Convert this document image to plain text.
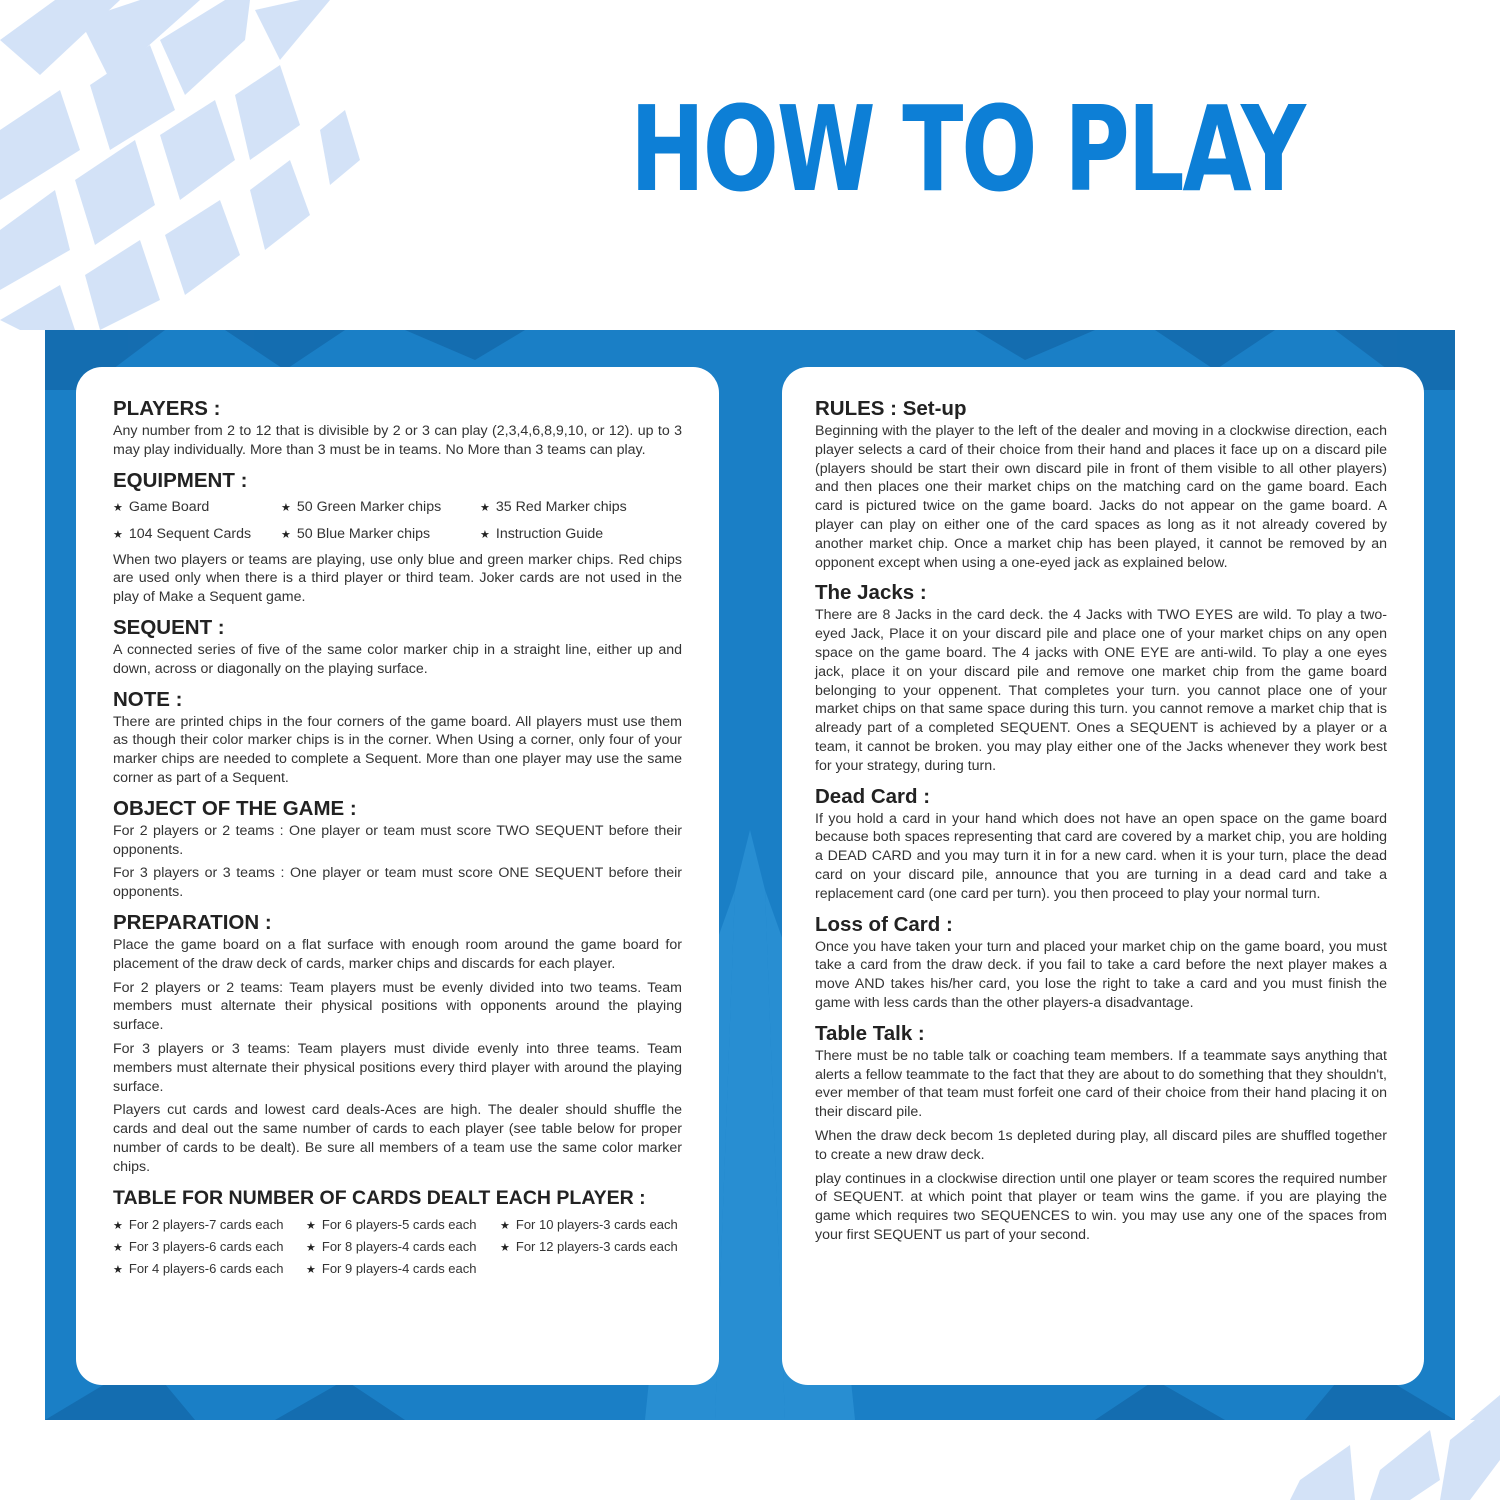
HOW TO PLAY
PLAYERS :

Any number from 2 to 12 that is divisible by 2 or 3 can play (2,3,4,6,8,9,10, or 12). up to 3 may play individually. More than 3 must be in teams. No More than 3 teams can play.

EQUIPMENT :
★ Game Board	★ 50 Green Marker chips	★ 35 Red Marker chips
★ 104 Sequent Cards	★ 50 Blue Marker chips	★ Instruction Guide

When two players or teams are playing, use only blue and green marker chips. Red chips are used only when there is a third player or third team. Joker cards are not used in the play of Make a Sequent game.

SEQUENT :

A connected series of five of the same color marker chip in a straight line, either up and down, across or diagonally on the playing surface.

NOTE :

There are printed chips in the four corners of the game board. All players must use them as though their color marker chips is in the corner. When Using a corner, only four of your marker chips are needed to complete a Sequent. More than one player may use the same corner as part of a Sequent.

OBJECT OF THE GAME :

For 2 players or 2 teams : One player or team must score TWO SEQUENT before their opponents.

For 3 players or 3 teams : One player or team must score ONE SEQUENT before their opponents.

PREPARATION :

Place the game board on a flat surface with enough room around the game board for placement of the draw deck of cards, marker chips and discards for each player.

For 2 players or 2 teams: Team players must be evenly divided into two teams. Team members must alternate their physical positions with opponents around the playing surface.

For 3 players or 3 teams: Team players must divide evenly into three teams. Team members must alternate their physical positions every third player with around the playing surface.

Players cut cards and lowest card deals-Aces are high. The dealer should shuffle the cards and deal out the same number of cards to each player (see table below for proper number of cards to be dealt). Be sure all members of a team use the same color marker chips.

TABLE FOR NUMBER OF CARDS DEALT EACH PLAYER :
★ For 2 players-7 cards each	★ For 6 players-5 cards each	★ For 10 players-3 cards each
★ For 3 players-6 cards each	★ For 8 players-4 cards each	★ For 12 players-3 cards each
★ For 4 players-6 cards each	★ For 9 players-4 cards each
RULES : Set-up

Beginning with the player to the left of the dealer and moving in a clockwise direction, each player selects a card of their choice from their hand and places it face up on a discard pile (players should be start their own discard pile in front of them visible to all other players) and then places one their market chips on the matching card on the game board. Each card is pictured twice on the game board. Jacks do not appear on the game board. A player can play on either one of the card spaces as long as it not already covered by another market chip. Once a market chip has been played, it cannot be removed by an opponent except when using a one-eyed jack as explained below.

The Jacks :

There are 8 Jacks in the card deck. the 4 Jacks with TWO EYES are wild. To play a two-eyed Jack, Place it on your discard pile and place one of your market chips on any open space on the game board. The 4 jacks with ONE EYE are anti-wild. To play a one eyes jack, place it on your discard pile and remove one market chip from the game board belonging to your oppenent. That completes your turn. you cannot place one of your market chips on that same space during this turn. you cannot remove a market chip that is already part of a completed SEQUENT. Ones a SEQUENT is achieved by a player or a team, it cannot be broken. you may play either one of the Jacks whenever they work best for your strategy, during turn.

Dead Card :

If you hold a card in your hand which does not have an open space on the game board because both spaces representing that card are covered by a market chip, you are holding a DEAD CARD and you may turn it in for a new card. when it is your turn, place the dead card on your discard pile, announce that you are turning in a dead card and take a replacement card (one card per turn). you then proceed to play your normal turn.

Loss of Card :

Once you have taken your turn and placed your market chip on the game board, you must take a card from the draw deck. if you fail to take a card before the next player makes a move AND takes his/her card, you lose the right to take a card and you must finish the game with less cards than the other players-a disadvantage.

Table Talk :

There must be no table talk or coaching team members. If a teammate says anything that alerts a fellow teammate to the fact that they are about to do something that they shouldn't, ever member of that team must forfeit one card of their choice from their hand placing it on their discard pile.

When the draw deck becom 1s depleted during play, all discard piles are shuffled together to create a new draw deck.

play continues in a clockwise direction until one player or team scores the required number of SEQUENT. at which point that player or team wins the game. if you are playing the game which requires two SEQUENCES to win. you may use any one of the spaces from your first SEQUENT us part of your second.
